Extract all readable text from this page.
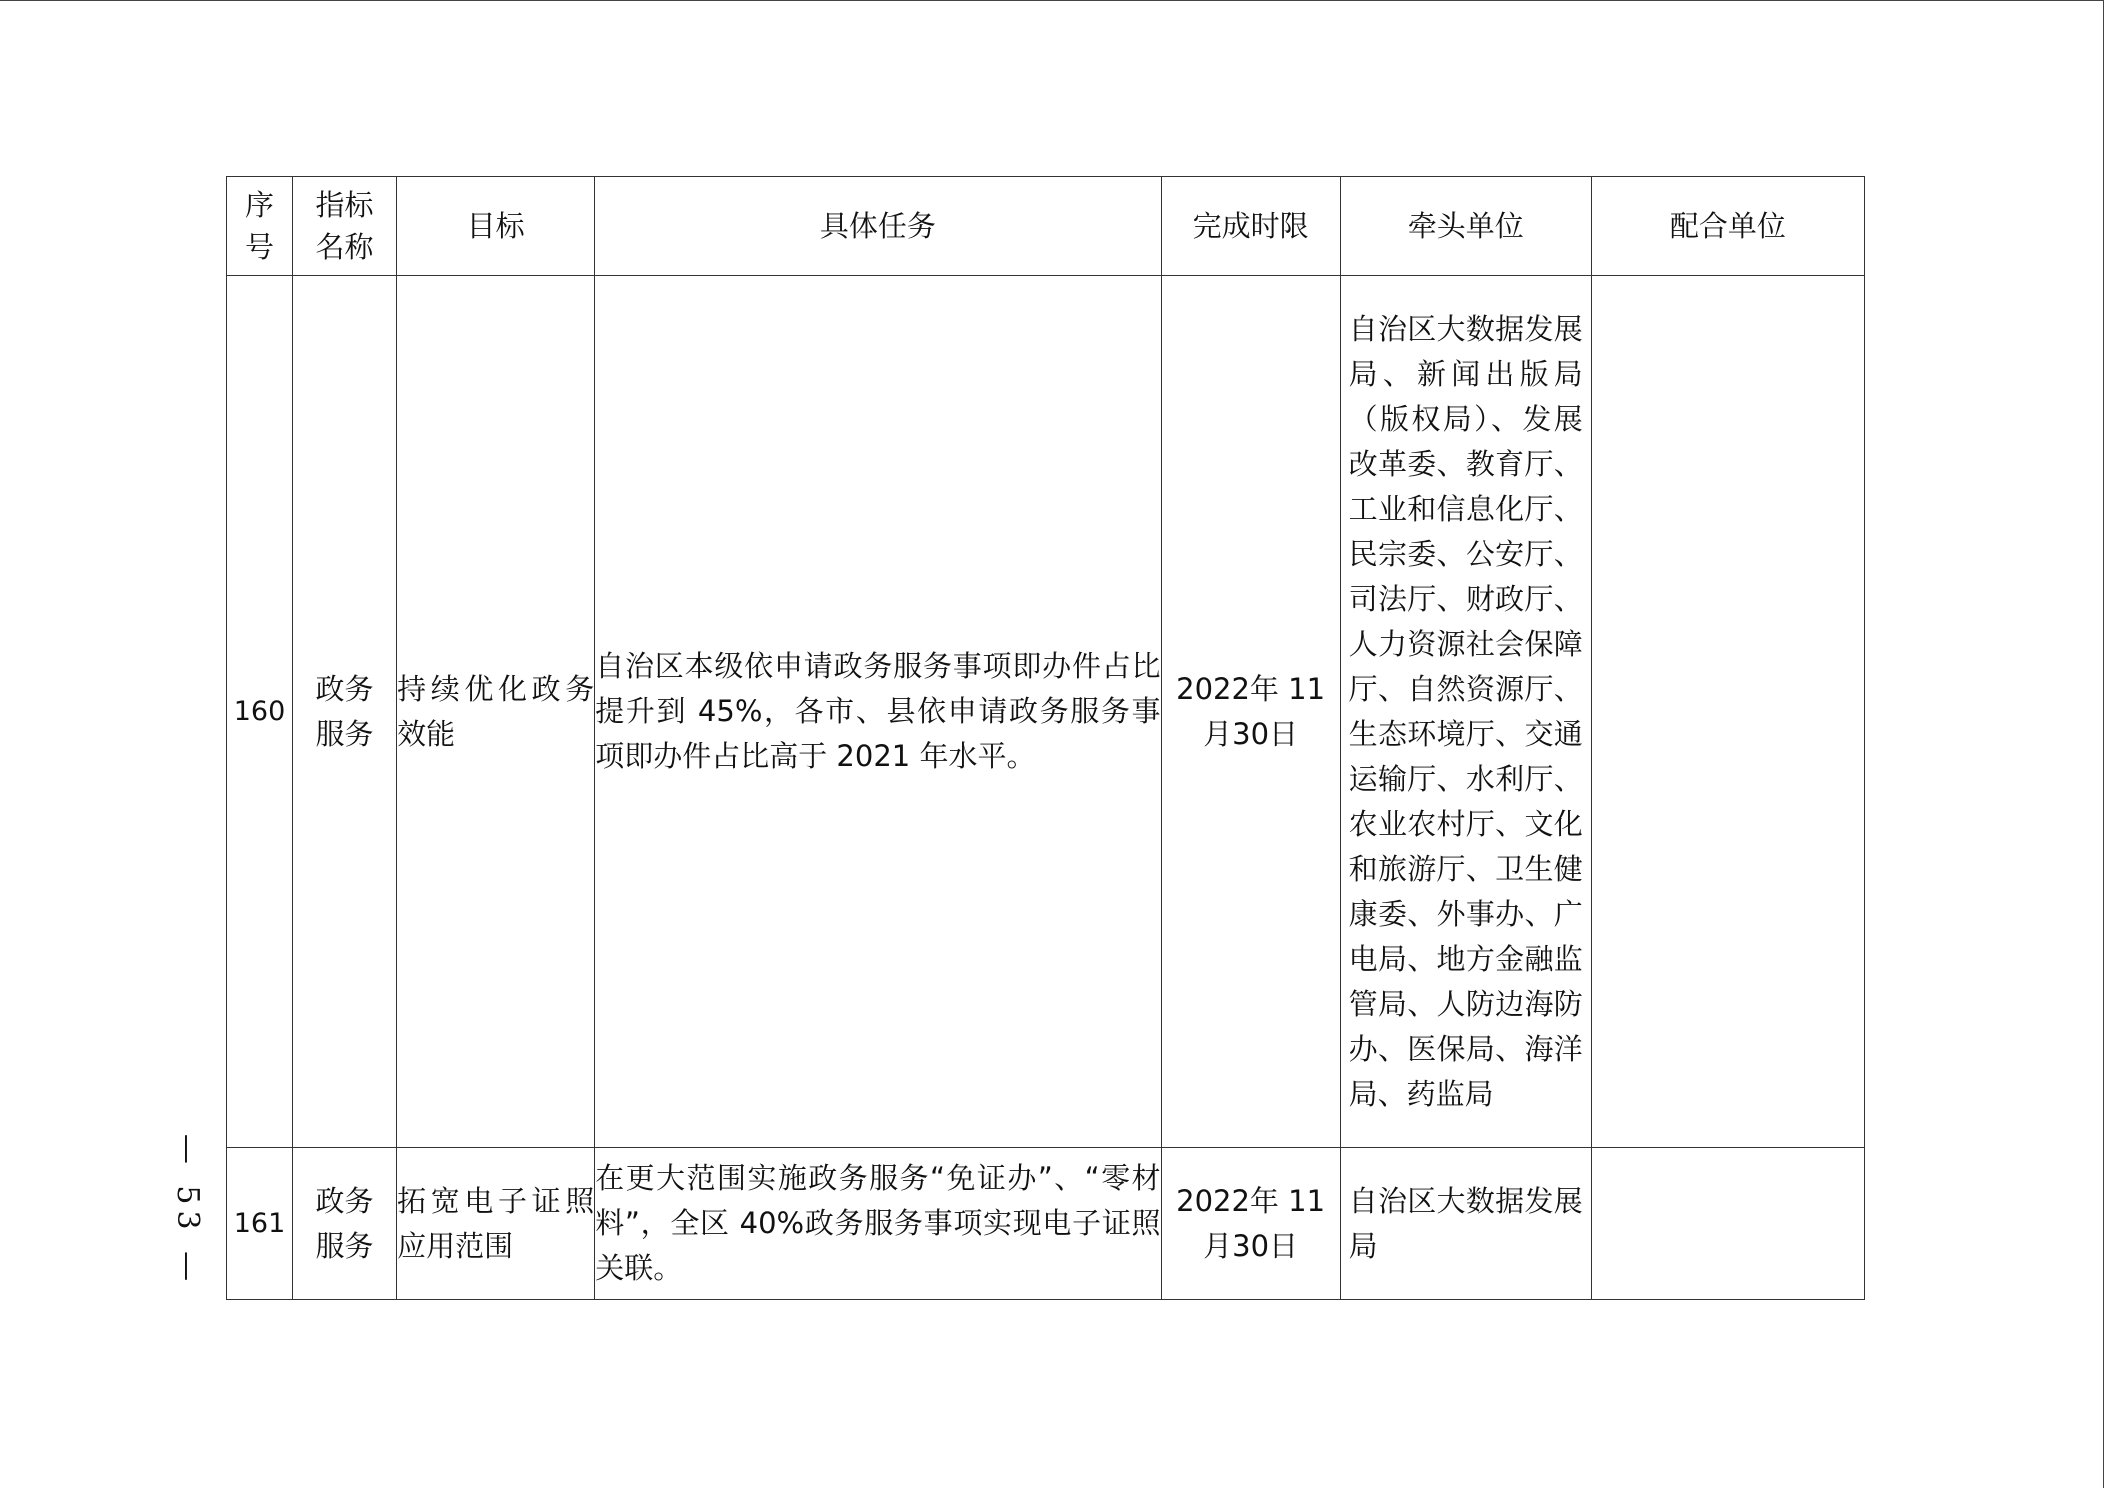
序号	指标名称	目标	具体任务	完成时限	牵头单位	配合单位
160	政务服务	持续优化政务效能	自治区本级依申请政务服务事项即办件占比提升到 45%，各市、县依申请政务服务事项即办件占比高于 2021 年水平。	2022年 11月30日	自治区大数据发展局、新闻出版局（版权局）、发展改革委、教育厅、工业和信息化厅、民宗委、公安厅、司法厅、财政厅、人力资源社会保障厅、自然资源厅、生态环境厅、交通运输厅、水利厅、农业农村厅、文化和旅游厅、卫生健康委、外事办、广电局、地方金融监管局、人防边海防办、医保局、海洋局、药监局	

161	政务服务	拓宽电子证照应用范围	在更大范围实施政务服务“免证办”、“零材料”，全区 40%政务服务事项实现电子证照关联。	2022年 11月30日	自治区大数据发展局	

— 53 —
